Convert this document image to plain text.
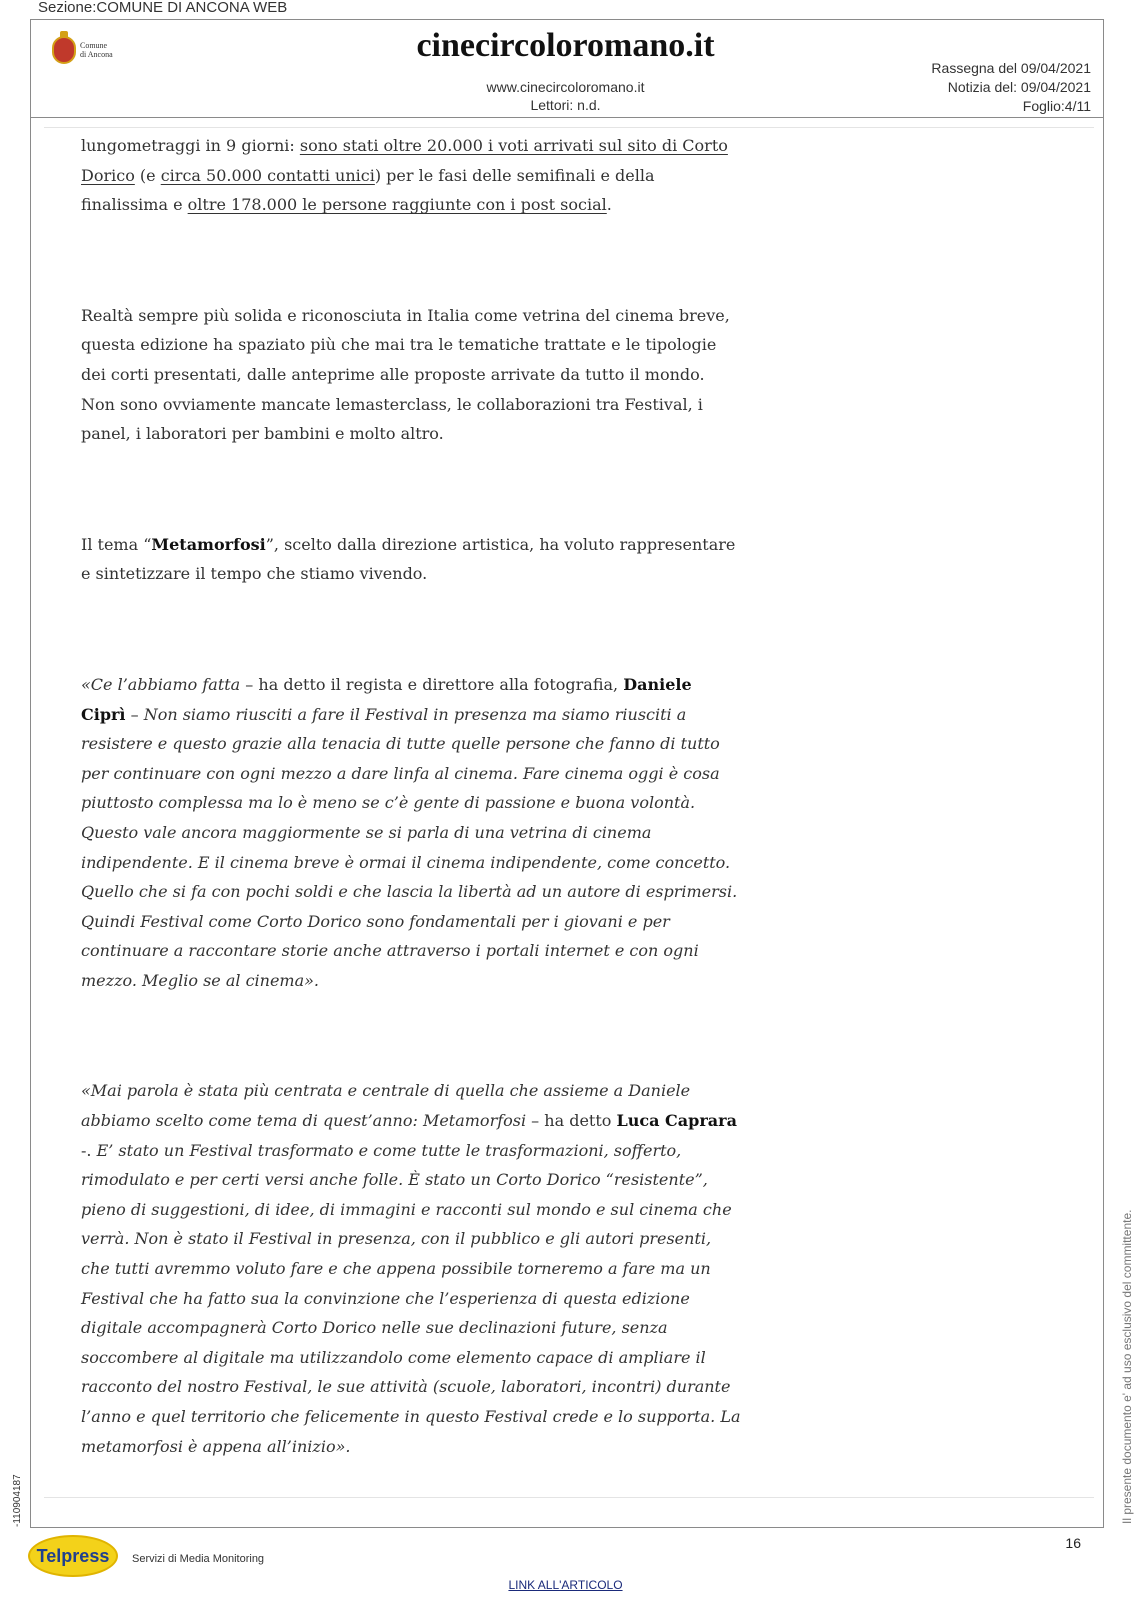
Sezione:COMUNE DI ANCONA WEB
Comune
di Ancona	cinecircoloromano.it
www.cinecircoloromano.it
Lettori: n.d.
Rassegna del 09/04/2021
Notizia del: 09/04/2021
Foglio:4/11

lungometraggi in 9 giorni: sono stati oltre 20.000 i voti arrivati sul sito di Corto Dorico (e circa 50.000 contatti unici) per le fasi delle semifinali e della finalissima e oltre 178.000 le persone raggiunte con i post social.

Realtà sempre più solida e riconosciuta in Italia come vetrina del cinema breve, questa edizione ha spaziato più che mai tra le tematiche trattate e le tipologie dei corti presentati, dalle anteprime alle proposte arrivate da tutto il mondo. Non sono ovviamente mancate lemasterclass, le collaborazioni tra Festival, i panel, i laboratori per bambini e molto altro.

Il tema “Metamorfosi”, scelto dalla direzione artistica, ha voluto rappresentare e sintetizzare il tempo che stiamo vivendo.

«Ce l’abbiamo fatta – ha detto il regista e direttore alla fotografia, Daniele Ciprì – Non siamo riusciti a fare il Festival in presenza ma siamo riusciti a resistere e questo grazie alla tenacia di tutte quelle persone che fanno di tutto per continuare con ogni mezzo a dare linfa al cinema. Fare cinema oggi è cosa piuttosto complessa ma lo è meno se c’è gente di passione e buona volontà. Questo vale ancora maggiormente se si parla di una vetrina di cinema indipendente. E il cinema breve è ormai il cinema indipendente, come concetto. Quello che si fa con pochi soldi e che lascia la libertà ad un autore di esprimersi. Quindi Festival come Corto Dorico sono fondamentali per i giovani e per continuare a raccontare storie anche attraverso i portali internet e con ogni mezzo. Meglio se al cinema».

«Mai parola è stata più centrata e centrale di quella che assieme a Daniele abbiamo scelto come tema di quest’anno: Metamorfosi – ha detto Luca Caprara -. E’ stato un Festival trasformato e come tutte le trasformazioni, sofferto, rimodulato e per certi versi anche folle. È stato un Corto Dorico “resistente”, pieno di suggestioni, di idee, di immagini e racconti sul mondo e sul cinema che verrà. Non è stato il Festival in presenza, con il pubblico e gli autori presenti, che tutti avremmo voluto fare e che appena possibile torneremo a fare ma un Festival che ha fatto sua la convinzione che l’esperienza di questa edizione digitale accompagnerà Corto Dorico nelle sue declinazioni future, senza soccombere al digitale ma utilizzandolo come elemento capace di ampliare il racconto del nostro Festival, le sue attività (scuole, laboratori, incontri) durante l’anno e quel territorio che felicemente in questo Festival crede e lo supporta. La metamorfosi è appena all’inizio».	Il presente documento e' ad uso esclusivo del committente.
-110904187
16
Telpress Servizi di Media Monitoring
LINK ALL'ARTICOLO
